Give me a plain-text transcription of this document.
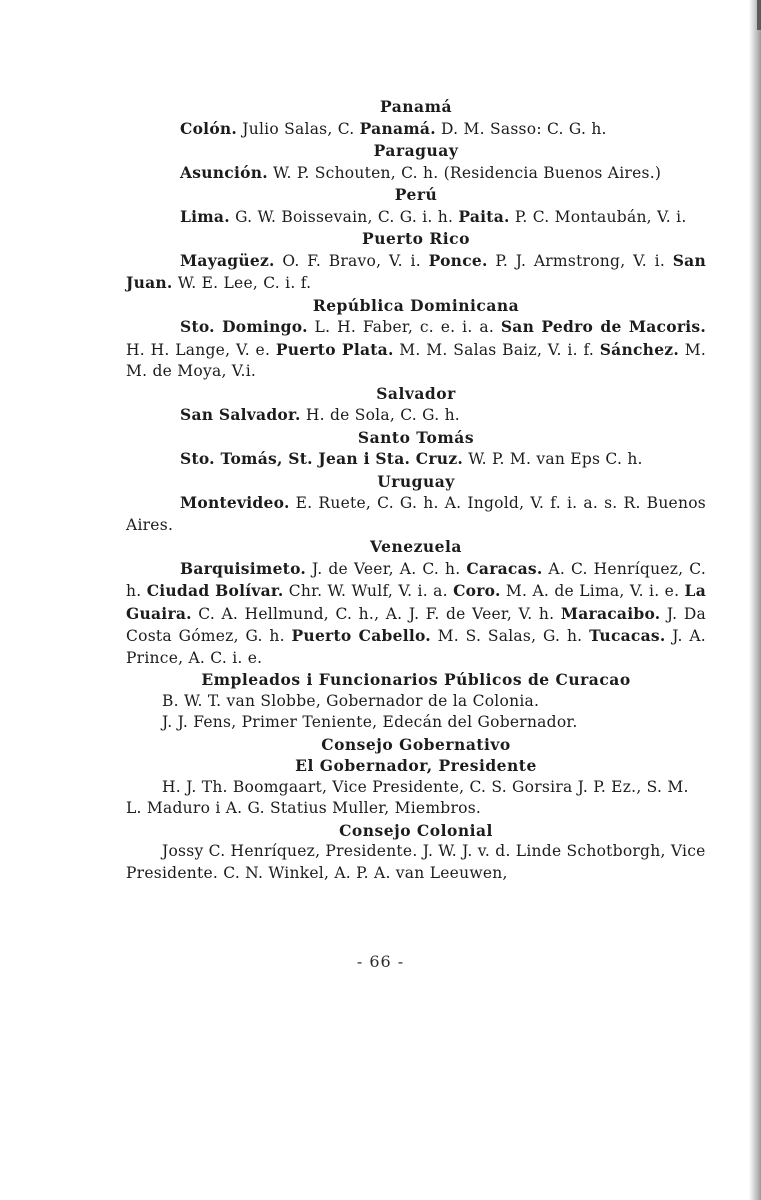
Panamá

Colón. Julio Salas, C. Panamá. D. M. Sasso: C. G. h.

Paraguay

Asunción. W. P. Schouten, C. h. (Residencia Buenos Aires.)

Perú

Lima. G. W. Boissevain, C. G. i. h. Paita. P. C. Montaubán, V. i.

Puerto Rico

Mayagüez. O. F. Bravo, V. i. Ponce. P. J. Armstrong, V. i. San Juan. W. E. Lee, C. i. f.

República Dominicana

Sto. Domingo. L. H. Faber, c. e. i. a. San Pedro de Macoris. H. H. Lange, V. e. Puerto Plata. M. M. Salas Baiz, V. i. f. Sánchez. M. M. de Moya, V.i.

Salvador

San Salvador. H. de Sola, C. G. h.

Santo Tomás

Sto. Tomás, St. Jean i Sta. Cruz. W. P. M. van Eps C. h.

Uruguay

Montevideo. E. Ruete, C. G. h. A. Ingold, V. f. i. a. s. R. Buenos Aires.

Venezuela

Barquisimeto. J. de Veer, A. C. h. Caracas. A. C. Henríquez, C. h. Ciudad Bolívar. Chr. W. Wulf, V. i. a. Coro. M. A. de Lima, V. i. e. La Guaira. C. A. Hellmund, C. h., A. J. F. de Veer, V. h. Maracaibo. J. Da Costa Gómez, G. h. Puerto Cabello. M. S. Salas, G. h. Tucacas. J. A. Prince, A. C. i. e.

Empleados i Funcionarios Públicos de Curacao

B. W. T. van Slobbe, Gobernador de la Colonia.

J. J. Fens, Primer Teniente, Edecán del Gobernador.

Consejo Gobernativo
El Gobernador, Presidente

H. J. Th. Boomgaart, Vice Presidente, C. S. Gorsira J. P. Ez., S. M. L. Maduro i A. G. Statius Muller, Miembros.

Consejo Colonial

Jossy C. Henríquez, Presidente. J. W. J. v. d. Linde Schotborgh, Vice Presidente. C. N. Winkel, A. P. A. van Leeuwen,

- 66 -
